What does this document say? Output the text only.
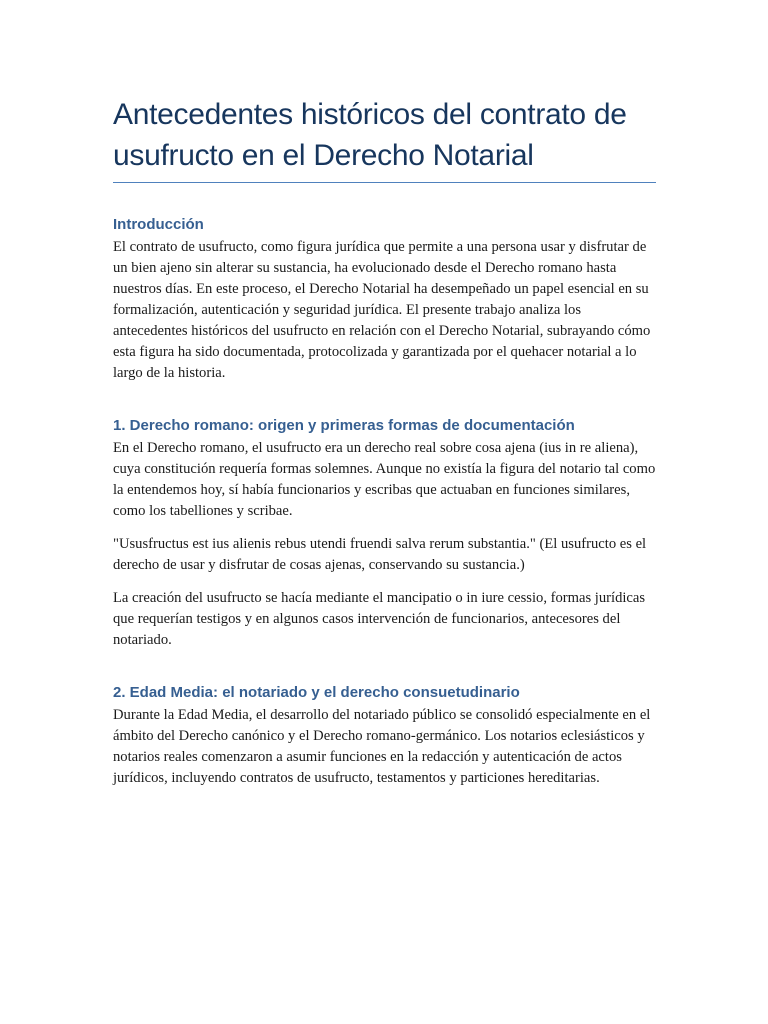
Antecedentes históricos del contrato de usufructo en el Derecho Notarial
Introducción

El contrato de usufructo, como figura jurídica que permite a una persona usar y disfrutar de un bien ajeno sin alterar su sustancia, ha evolucionado desde el Derecho romano hasta nuestros días. En este proceso, el Derecho Notarial ha desempeñado un papel esencial en su formalización, autenticación y seguridad jurídica. El presente trabajo analiza los antecedentes históricos del usufructo en relación con el Derecho Notarial, subrayando cómo esta figura ha sido documentada, protocolizada y garantizada por el quehacer notarial a lo largo de la historia.

1. Derecho romano: origen y primeras formas de documentación

En el Derecho romano, el usufructo era un derecho real sobre cosa ajena (ius in re aliena), cuya constitución requería formas solemnes. Aunque no existía la figura del notario tal como la entendemos hoy, sí había funcionarios y escribas que actuaban en funciones similares, como los tabelliones y scribae.

"Ususfructus est ius alienis rebus utendi fruendi salva rerum substantia." (El usufructo es el derecho de usar y disfrutar de cosas ajenas, conservando su sustancia.)

La creación del usufructo se hacía mediante el mancipatio o in iure cessio, formas jurídicas que requerían testigos y en algunos casos intervención de funcionarios, antecesores del notariado.

2. Edad Media: el notariado y el derecho consuetudinario

Durante la Edad Media, el desarrollo del notariado público se consolidó especialmente en el ámbito del Derecho canónico y el Derecho romano-germánico. Los notarios eclesiásticos y notarios reales comenzaron a asumir funciones en la redacción y autenticación de actos jurídicos, incluyendo contratos de usufructo, testamentos y particiones hereditarias.
